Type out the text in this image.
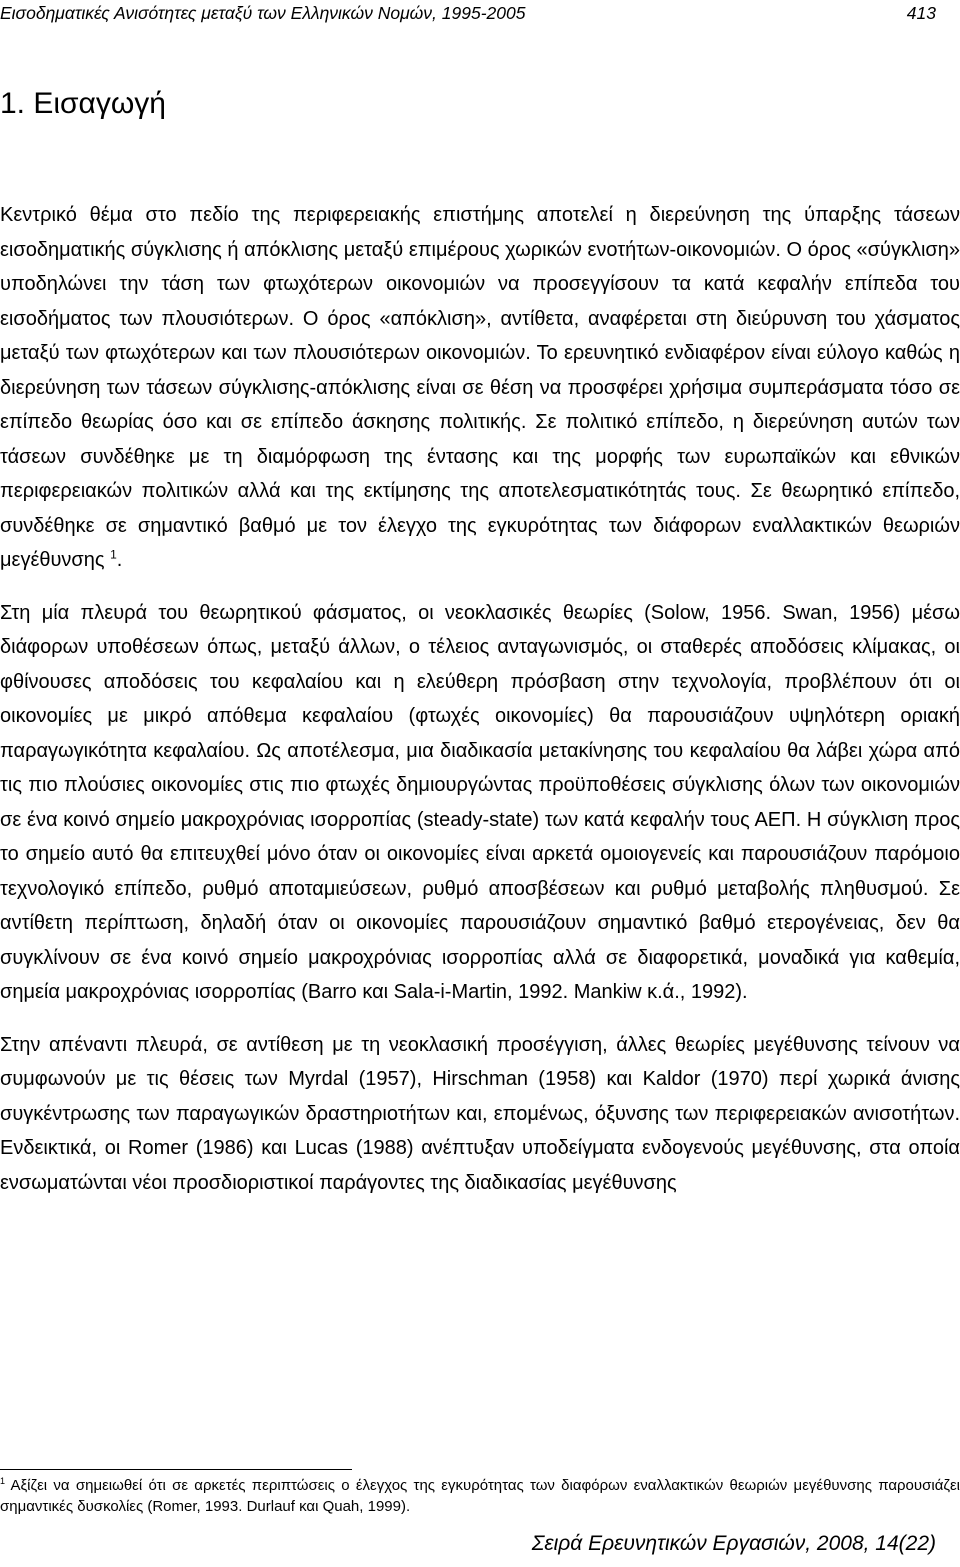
Εισοδηματικές Ανισότητες μεταξύ των Ελληνικών Νομών, 1995-2005	413
1. Εισαγωγή

Κεντρικό θέμα στο πεδίο της περιφερειακής επιστήμης αποτελεί η διερεύνηση της ύπαρξης τάσεων εισοδηματικής σύγκλισης ή απόκλισης μεταξύ επιμέρους χωρικών ενοτήτων-οικονομιών. Ο όρος «σύγκλιση» υποδηλώνει την τάση των φτωχότερων οικονομιών να προσεγγίσουν τα κατά κεφαλήν επίπεδα του εισοδήματος των πλουσιότερων. Ο όρος «απόκλιση», αντίθετα, αναφέρεται στη διεύρυνση του χάσματος μεταξύ των φτωχότερων και των πλουσιότερων οικονομιών. Το ερευνητικό ενδιαφέρον είναι εύλογο καθώς η διερεύνηση των τάσεων σύγκλισης-απόκλισης είναι σε θέση να προσφέρει χρήσιμα συμπεράσματα τόσο σε επίπεδο θεωρίας όσο και σε επίπεδο άσκησης πολιτικής. Σε πολιτικό επίπεδο, η διερεύνηση αυτών των τάσεων συνδέθηκε με τη διαμόρφωση της έντασης και της μορφής των ευρωπαϊκών και εθνικών περιφερειακών πολιτικών αλλά και της εκτίμησης της αποτελεσματικότητάς τους. Σε θεωρητικό επίπεδο, συνδέθηκε σε σημαντικό βαθμό με τον έλεγχο της εγκυρότητας των διάφορων εναλλακτικών θεωριών μεγέθυνσης $^1$.

Στη μία πλευρά του θεωρητικού φάσματος, οι νεοκλασικές θεωρίες (Solow, 1956. Swan, 1956) μέσω διάφορων υποθέσεων όπως, μεταξύ άλλων, ο τέλειος ανταγωνισμός, οι σταθερές αποδόσεις κλίμακας, οι φθίνουσες αποδόσεις του κεφαλαίου και η ελεύθερη πρόσβαση στην τεχνολογία, προβλέπουν ότι οι οικονομίες με μικρό απόθεμα κεφαλαίου (φτωχές οικονομίες) θα παρουσιάζουν υψηλότερη οριακή παραγωγικότητα κεφαλαίου. Ως αποτέλεσμα, μια διαδικασία μετακίνησης του κεφαλαίου θα λάβει χώρα από τις πιο πλούσιες οικονομίες στις πιο φτωχές δημιουργώντας προϋποθέσεις σύγκλισης όλων των οικονομιών σε ένα κοινό σημείο μακροχρόνιας ισορροπίας (steady-state) των κατά κεφαλήν τους ΑΕΠ. Η σύγκλιση προς το σημείο αυτό θα επιτευχθεί μόνο όταν οι οικονομίες είναι αρκετά ομοιογενείς και παρουσιάζουν παρόμοιο τεχνολογικό επίπεδο, ρυθμό αποταμιεύσεων, ρυθμό αποσβέσεων και ρυθμό μεταβολής πληθυσμού. Σε αντίθετη περίπτωση, δηλαδή όταν οι οικονομίες παρουσιάζουν σημαντικό βαθμό ετερογένειας, δεν θα συγκλίνουν σε ένα κοινό σημείο μακροχρόνιας ισορροπίας αλλά σε διαφορετικά, μοναδικά για καθεμία, σημεία μακροχρόνιας ισορροπίας (Barro και Sala-i-Martin, 1992. Mankiw κ.ά., 1992).

Στην απέναντι πλευρά, σε αντίθεση με τη νεοκλασική προσέγγιση, άλλες θεωρίες μεγέθυνσης τείνουν να συμφωνούν με τις θέσεις των Myrdal (1957), Hirschman (1958) και Kaldor (1970) περί χωρικά άνισης συγκέντρωσης των παραγωγικών δραστηριοτήτων και, επομένως, όξυνσης των περιφερειακών ανισοτήτων. Ενδεικτικά, οι Romer (1986) και Lucas (1988) ανέπτυξαν υποδείγματα ενδογενούς μεγέθυνσης, στα οποία ενσωματώνται νέοι προσδιοριστικοί παράγοντες της διαδικασίας μεγέθυνσης

$^1$ Αξίζει να σημειωθεί ότι σε αρκετές περιπτώσεις ο έλεγχος της εγκυρότητας των διαφόρων εναλλακτικών θεωριών μεγέθυνσης παρουσιάζει σημαντικές δυσκολίες (Romer, 1993. Durlauf και Quah, 1999).

Σειρά Ερευνητικών Εργασιών, 2008, 14(22)
